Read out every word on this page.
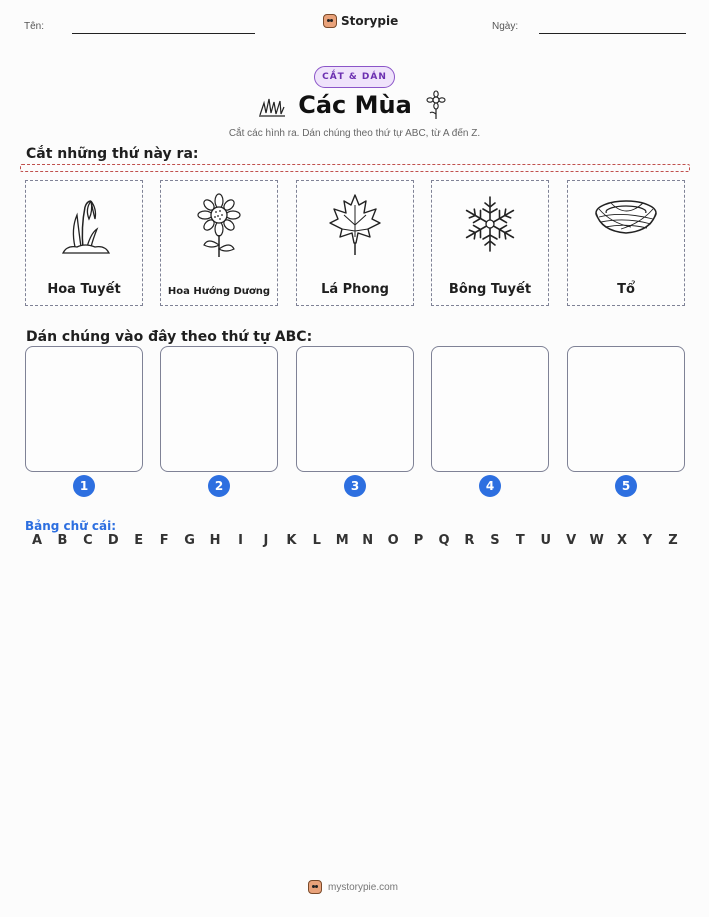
Tên:	Storypie	Ngày:
CẮT & DÁN
Các Mùa
Cắt các hình ra. Dán chúng theo thứ tự ABC, từ A đến Z.
Cắt những thứ này ra:
Hoa Tuyết	Hoa Hướng Dương	Lá Phong	Bông Tuyết	Tổ
Dán chúng vào đây theo thứ tự ABC:
1	2	3	4	5
Bảng chữ cái:
A B C D E F G H	I	J	K L M N O P Q R S T U V W X Y Z
mystorypie.com
